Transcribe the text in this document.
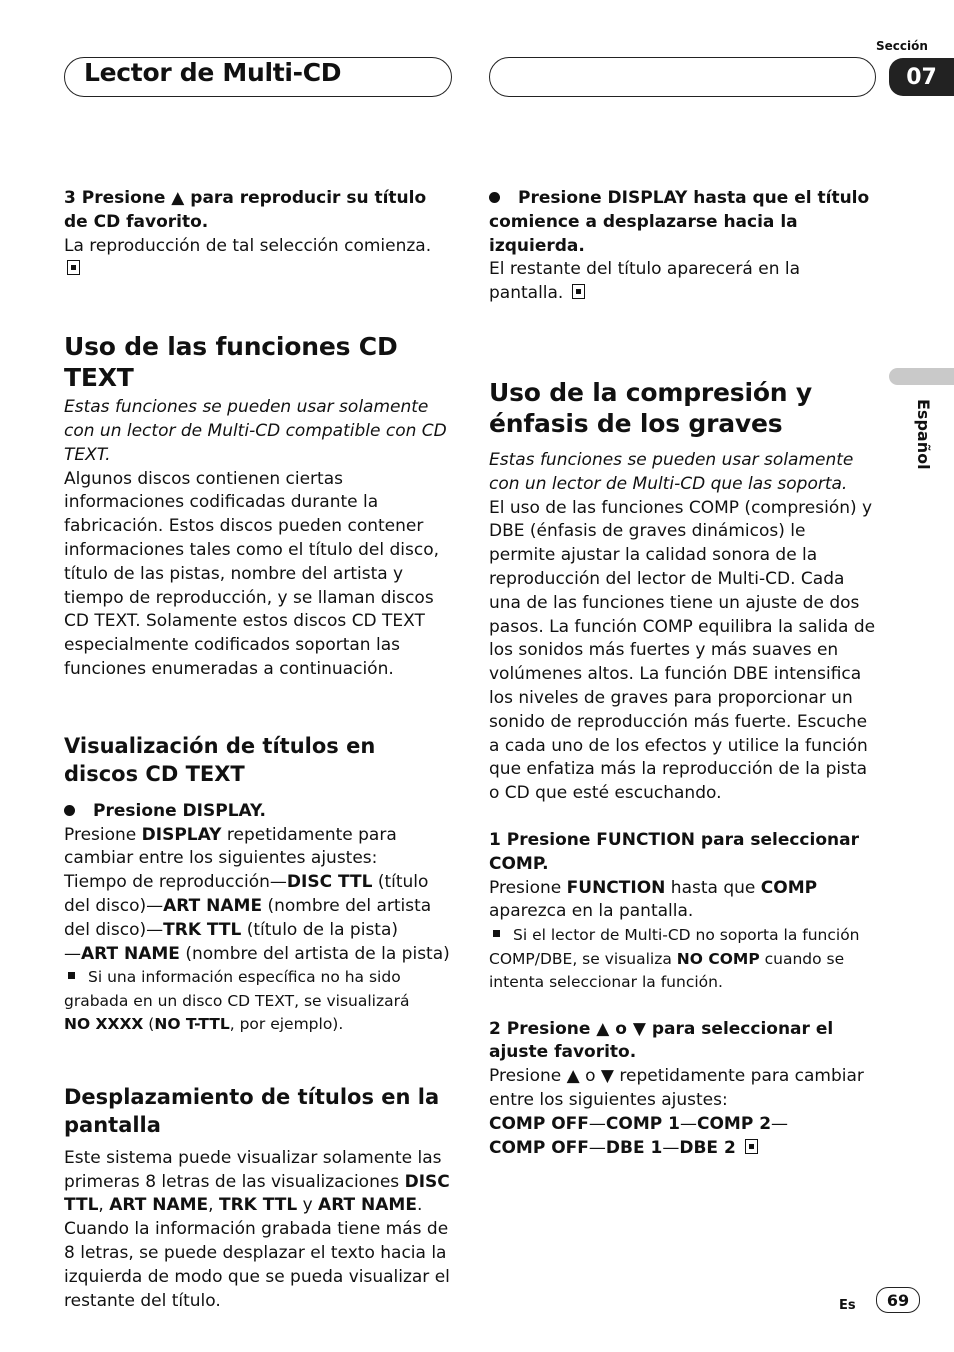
Lector de Multi-CD
Sección
07
Español

3 Presione ▲ para reproducir su título de CD favorito.

La reproducción de tal selección comienza.

Uso de las funciones CD TEXT

Estas funciones se pueden usar solamente con un lector de Multi-CD compatible con CD TEXT.

Algunos discos contienen ciertas informaciones codificadas durante la fabricación. Estos discos pueden contener informaciones tales como el título del disco, título de las pistas, nombre del artista y tiempo de reproducción, y se llaman discos CD TEXT. Solamente estos discos CD TEXT especialmente codificados soportan las funciones enumeradas a continuación.

Visualización de títulos en discos CD TEXT

Presione DISPLAY.

Presione DISPLAY repetidamente para cambiar entre los siguientes ajustes:

Tiempo de reproducción—DISC TTL (título del disco)—ART NAME (nombre del artista del disco)—TRK TTL (título de la pista)
—ART NAME (nombre del artista de la pista)

Si una información específica no ha sido grabada en un disco CD TEXT, se visualizará
NO XXXX (NO T-TTL, por ejemplo).

Desplazamiento de títulos en la pantalla

Este sistema puede visualizar solamente las primeras 8 letras de las visualizaciones DISC TTL, ART NAME, TRK TTL y ART NAME. Cuando la información grabada tiene más de 8 letras, se puede desplazar el texto hacia la izquierda de modo que se pueda visualizar el restante del título.

Presione DISPLAY hasta que el título comience a desplazarse hacia la izquierda.

El restante del título aparecerá en la pantalla.

Uso de la compresión y énfasis de los graves

Estas funciones se pueden usar solamente con un lector de Multi-CD que las soporta.

El uso de las funciones COMP (compresión) y DBE (énfasis de graves dinámicos) le permite ajustar la calidad sonora de la reproducción del lector de Multi-CD. Cada una de las funciones tiene un ajuste de dos pasos. La función COMP equilibra la salida de los sonidos más fuertes y más suaves en volúmenes altos. La función DBE intensifica los niveles de graves para proporcionar un sonido de reproducción más fuerte. Escuche a cada uno de los efectos y utilice la función que enfatiza más la reproducción de la pista o CD que esté escuchando.

1 Presione FUNCTION para seleccionar COMP.

Presione FUNCTION hasta que COMP aparezca en la pantalla.

Si el lector de Multi-CD no soporta la función COMP/DBE, se visualiza NO COMP cuando se intenta seleccionar la función.

2 Presione ▲ o ▼ para seleccionar el ajuste favorito.

Presione ▲ o ▼ repetidamente para cambiar entre los siguientes ajustes:

COMP OFF—COMP 1—COMP 2—
COMP OFF—DBE 1—DBE 2

Es	69
